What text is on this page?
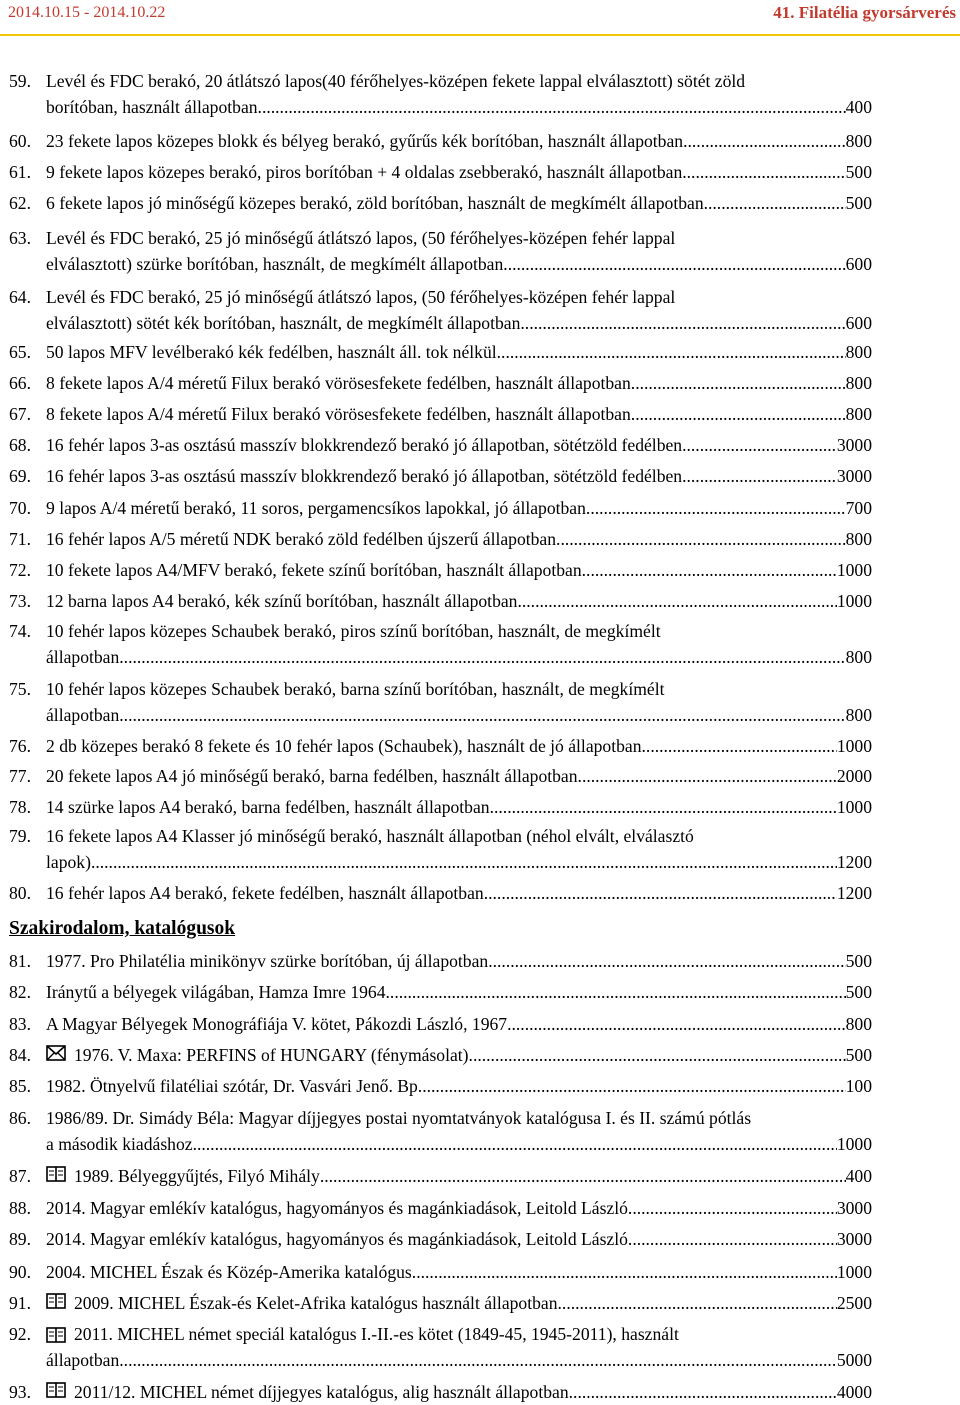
2014.10.15 - 2014.10.22	41. Filatélia gyorsárverés
59. Levél és FDC berakó, 20 átlátszó lapos(40 férőhelyes-középen fekete lappal elválasztott) sötét zöld
borítóban, használt állapotban .....	400
60. 23 fekete lapos közepes blokk és bélyeg berakó, gyűrűs kék borítóban, használt állapotban .....	800
61. 9 fekete lapos közepes berakó, piros borítóban + 4 oldalas zsebberakó, használt állapotban .....	500
62. 6 fekete lapos jó minőségű közepes berakó, zöld borítóban, használt de megkímélt állapotban .....	500
63. Levél és FDC berakó, 25 jó minőségű átlátszó lapos, (50 férőhelyes-középen fehér lappal
elválasztott) szürke borítóban, használt, de megkímélt állapotban .....	600
64. Levél és FDC berakó, 25 jó minőségű átlátszó lapos, (50 férőhelyes-középen fehér lappal
elválasztott) sötét kék borítóban, használt, de megkímélt állapotban .....	600
65. 50 lapos MFV levélberakó kék fedélben, használt áll. tok nélkül .....	800
66. 8 fekete lapos A/4 méretű Filux berakó vörösesfekete fedélben, használt állapotban .....	800
67. 8 fekete lapos A/4 méretű Filux berakó vörösesfekete fedélben, használt állapotban .....	800
68. 16 fehér lapos 3-as osztású masszív blokkrendező berakó jó állapotban, sötétzöld fedélben .....	3000
69. 16 fehér lapos 3-as osztású masszív blokkrendező berakó jó állapotban, sötétzöld fedélben .....	3000
70. 9 lapos A/4 méretű berakó, 11 soros, pergamencsíkos lapokkal, jó állapotban .....	700
71. 16 fehér lapos A/5 méretű NDK berakó zöld fedélben újszerű állapotban .....	800
72. 10 fekete lapos A4/MFV berakó, fekete színű borítóban, használt állapotban .....	1000
73. 12 barna lapos A4 berakó, kék színű borítóban, használt állapotban .....	1000
74. 10 fehér lapos közepes Schaubek berakó, piros színű borítóban, használt, de megkímélt
állapotban... .....	800
75. 10 fehér lapos közepes Schaubek berakó, barna színű borítóban, használt, de megkímélt
állapotban... .....	800
76. 2 db közepes berakó 8 fekete és 10 fehér lapos (Schaubek), használt de jó állapotban .....	1000
77. 20 fekete lapos A4 jó minőségű berakó, barna fedélben, használt állapotban .....	2000
78. 14 szürke lapos A4 berakó, barna fedélben, használt állapotban .....	1000
79. 16 fekete lapos A4 Klasser jó minőségű berakó, használt állapotban (néhol elvált, elválasztó
lapok)... .....	1200
80. 16 fehér lapos A4 berakó, fekete fedélben, használt állapotban .....	1200
Szakirodalom, katalógusok
81. 1977. Pro Philatélia minikönyv szürke borítóban, új állapotban .....	500
82. Iránytű a bélyegek világában, Hamza Imre 1964 .....	500
83. A Magyar Bélyegek Monográfiája V. kötet, Pákozdi László, 1967 .....	800
84.	1976. V. Maxa: PERFINS of HUNGARY (fénymásolat) .....	500
85. 1982. Ötnyelvű filatéliai szótár, Dr. Vasvári Jenő. Bp .....	100
86. 1986/89. Dr. Simády Béla: Magyar díjjegyes postai nyomtatványok katalógusa I. és II. számú pótlás
a második kiadáshoz .....	1000
87.	1989. Bélyeggyűjtés, Filyó Mihály .....	400
88. 2014. Magyar emlékív katalógus, hagyományos és magánkiadások, Leitold László .....	3000
89. 2014. Magyar emlékív katalógus, hagyományos és magánkiadások, Leitold László .....	3000
90. 2004. MICHEL Észak és Közép-Amerika katalógus .....	1000
91.	2009. MICHEL Észak-és Kelet-Afrika katalógus használt állapotban .....	2500
92.	2011. MICHEL német speciál katalógus I.-II.-es kötet (1849-45, 1945-2011), használt
állapotban .....	5000
93.	2011/12. MICHEL német díjjegyes katalógus, alig használt állapotban .....	4000
